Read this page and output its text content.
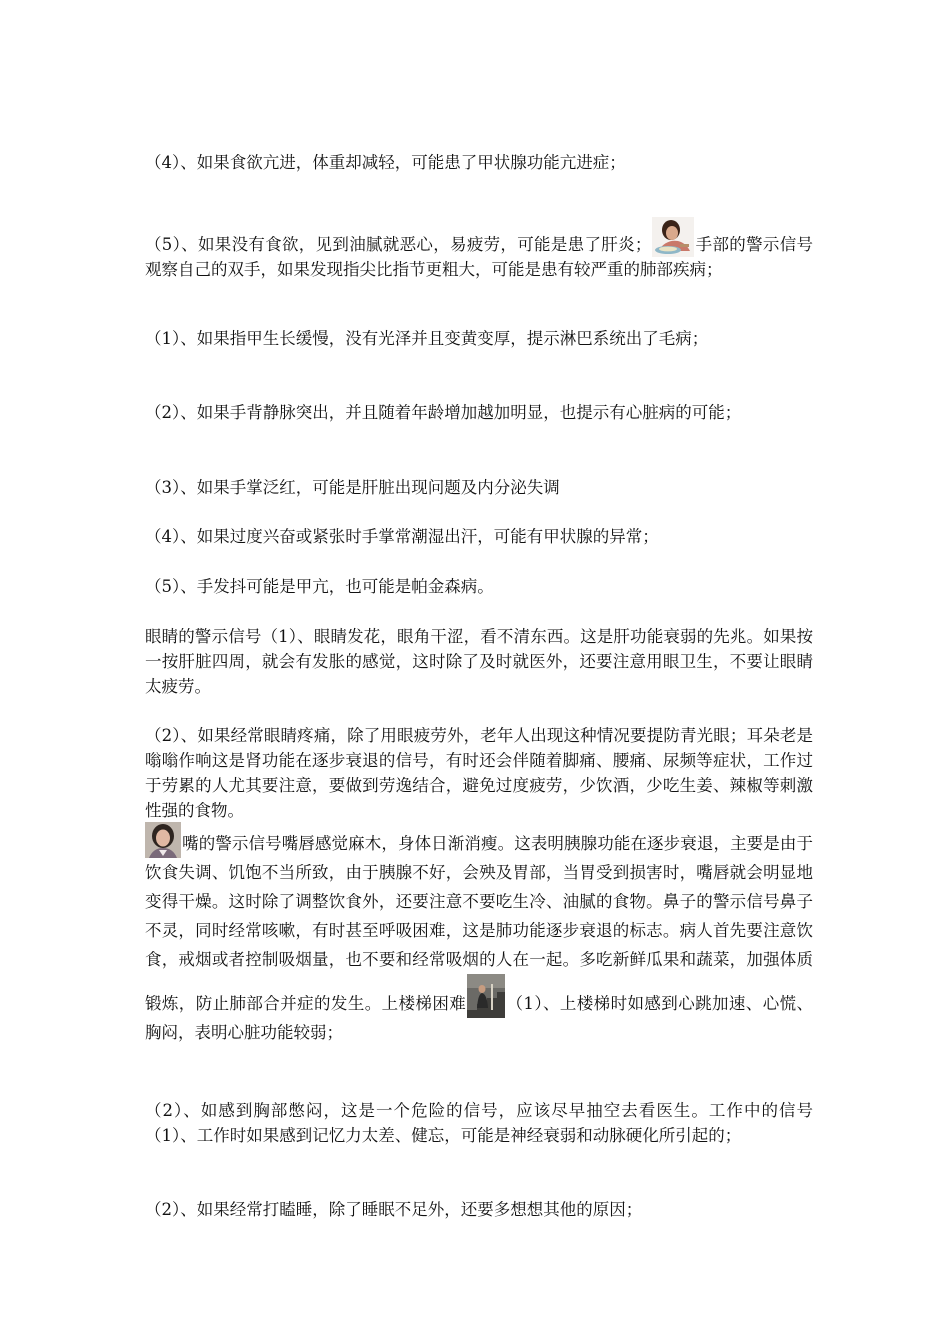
（4）、如果食欲亢进，体重却减轻，可能患了甲状腺功能亢进症；

（5）、如果没有食欲，见到油腻就恶心，易疲劳，可能是患了肝炎；	手部的警示信号观察自己的双手，如果发现指尖比指节更粗大，可能是患有较严重的肺部疾病；

（1）、如果指甲生长缓慢，没有光泽并且变黄变厚，提示淋巴系统出了毛病；

（2）、如果手背静脉突出，并且随着年龄增加越加明显，也提示有心脏病的可能；

（3）、如果手掌泛红，可能是肝脏出现问题及内分泌失调

（4）、如果过度兴奋或紧张时手掌常潮湿出汗，可能有甲状腺的异常；

（5）、手发抖可能是甲亢，也可能是帕金森病。

眼睛的警示信号（1）、眼睛发花，眼角干涩，看不清东西。这是肝功能衰弱的先兆。如果按一按肝脏四周，就会有发胀的感觉，这时除了及时就医外，还要注意用眼卫生，不要让眼睛太疲劳。

（2）、如果经常眼睛疼痛，除了用眼疲劳外，老年人出现这种情况要提防青光眼；耳朵老是嗡嗡作响这是肾功能在逐步衰退的信号，有时还会伴随着脚痛、腰痛、尿频等症状，工作过于劳累的人尤其要注意，要做到劳逸结合，避免过度疲劳，少饮酒，少吃生姜、辣椒等刺激性强的食物。

嘴的警示信号嘴唇感觉麻木，身体日渐消瘦。这表明胰腺功能在逐步衰退，主要是由于饮食失调、饥饱不当所致，由于胰腺不好，会殃及胃部，当胃受到损害时，嘴唇就会明显地变得干燥。这时除了调整饮食外，还要注意不要吃生冷、油腻的食物。鼻子的警示信号鼻子不灵，同时经常咳嗽，有时甚至呼吸困难，这是肺功能逐步衰退的标志。病人首先要注意饮食，戒烟或者控制吸烟量，也不要和经常吸烟的人在一起。多吃新鲜瓜果和蔬菜，加强体质锻炼，防止肺部合并症的发生。上楼梯困难 （1）、上楼梯时如感到心跳加速、心慌、胸闷，表明心脏功能较弱；

（2）、如感到胸部憋闷，这是一个危险的信号，应该尽早抽空去看医生。工作中的信号（1）、工作时如果感到记忆力太差、健忘，可能是神经衰弱和动脉硬化所引起的；

（2）、如果经常打瞌睡，除了睡眠不足外，还要多想想其他的原因；
